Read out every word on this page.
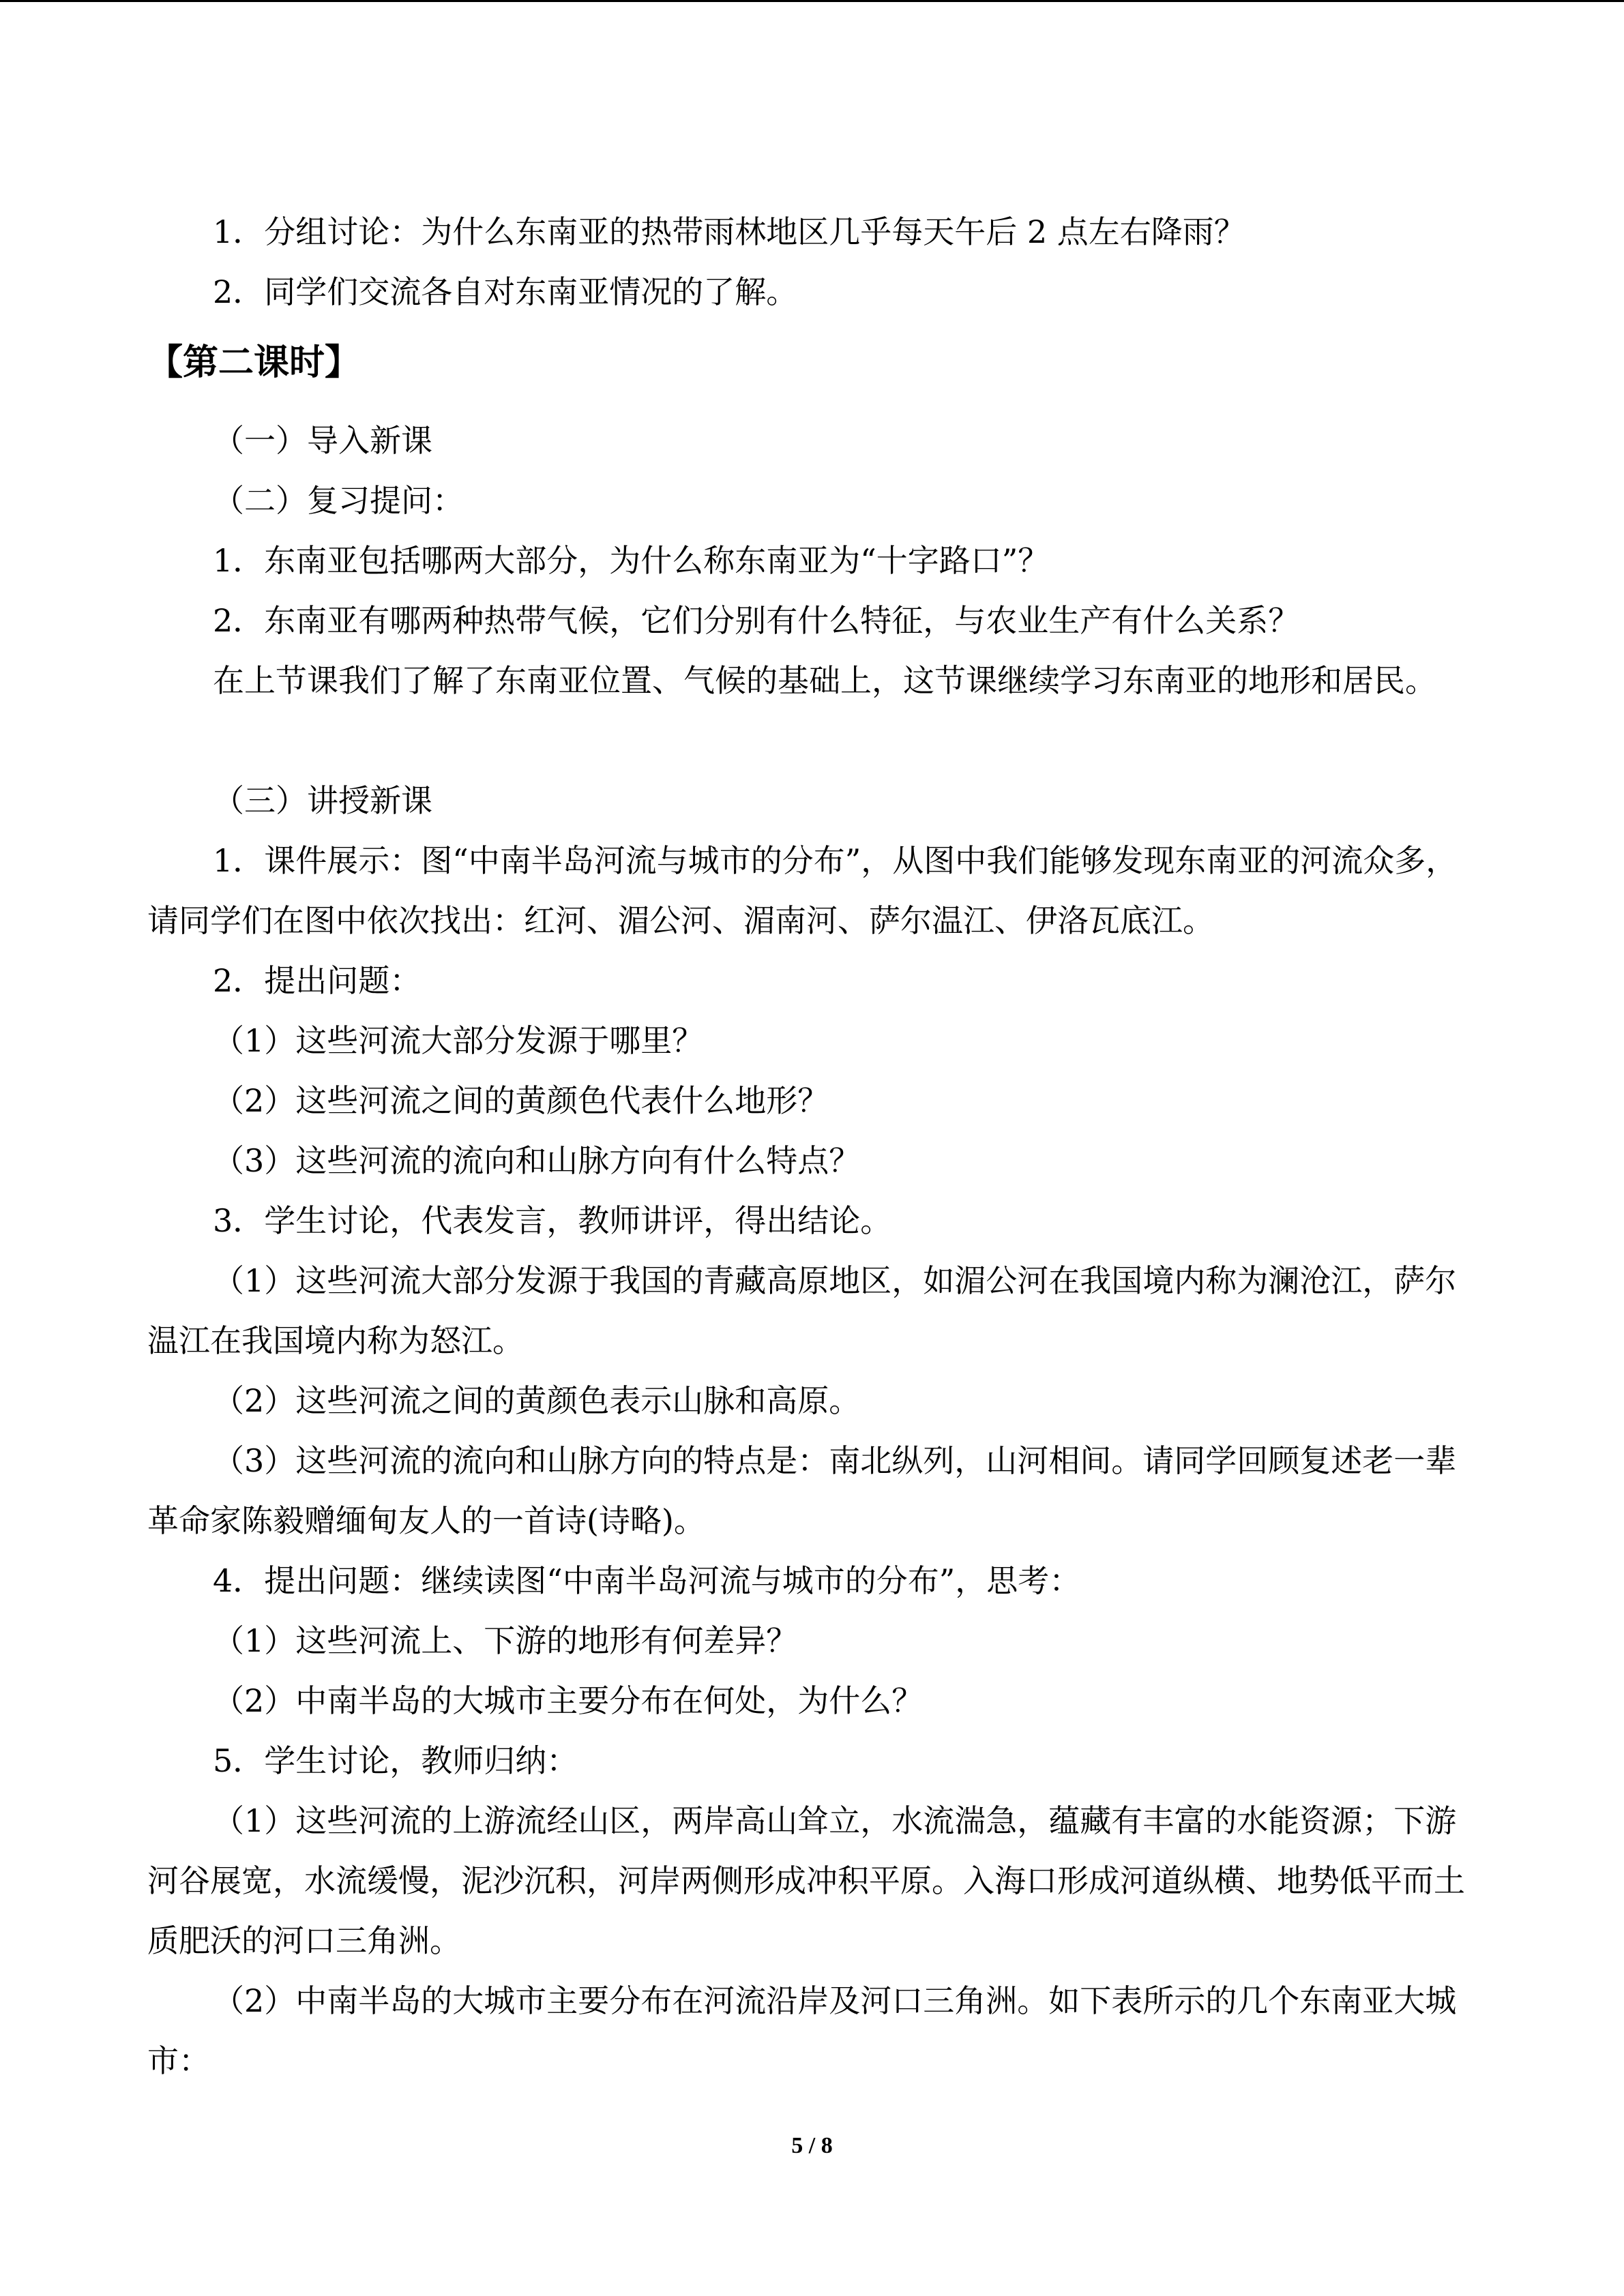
1．分组讨论：为什么东南亚的热带雨林地区几乎每天午后 2 点左右降雨？

2．同学们交流各自对东南亚情况的了解。

【第二课时】

（一）导入新课

（二）复习提问：

1．东南亚包括哪两大部分，为什么称东南亚为“十字路口”？

2．东南亚有哪两种热带气候，它们分别有什么特征，与农业生产有什么关系？

在上节课我们了解了东南亚位置、气候的基础上，这节课继续学习东南亚的地形和居民。

（三）讲授新课

1．课件展示：图“中南半岛河流与城市的分布”，从图中我们能够发现东南亚的河流众多，请同学们在图中依次找出：红河、湄公河、湄南河、萨尔温江、伊洛瓦底江。

2．提出问题：

（1）这些河流大部分发源于哪里？

（2）这些河流之间的黄颜色代表什么地形？

（3）这些河流的流向和山脉方向有什么特点？

3．学生讨论，代表发言，教师讲评，得出结论。

（1）这些河流大部分发源于我国的青藏高原地区，如湄公河在我国境内称为澜沧江，萨尔温江在我国境内称为怒江。

（2）这些河流之间的黄颜色表示山脉和高原。

（3）这些河流的流向和山脉方向的特点是：南北纵列，山河相间。请同学回顾复述老一辈革命家陈毅赠缅甸友人的一首诗(诗略)。

4．提出问题：继续读图“中南半岛河流与城市的分布”，思考：

（1）这些河流上、下游的地形有何差异？

（2）中南半岛的大城市主要分布在何处，为什么？

5．学生讨论，教师归纳：

（1）这些河流的上游流经山区，两岸高山耸立，水流湍急，蕴藏有丰富的水能资源；下游河谷展宽，水流缓慢，泥沙沉积，河岸两侧形成冲积平原。入海口形成河道纵横、地势低平而土质肥沃的河口三角洲。

（2）中南半岛的大城市主要分布在河流沿岸及河口三角洲。如下表所示的几个东南亚大城市：

5 / 8
